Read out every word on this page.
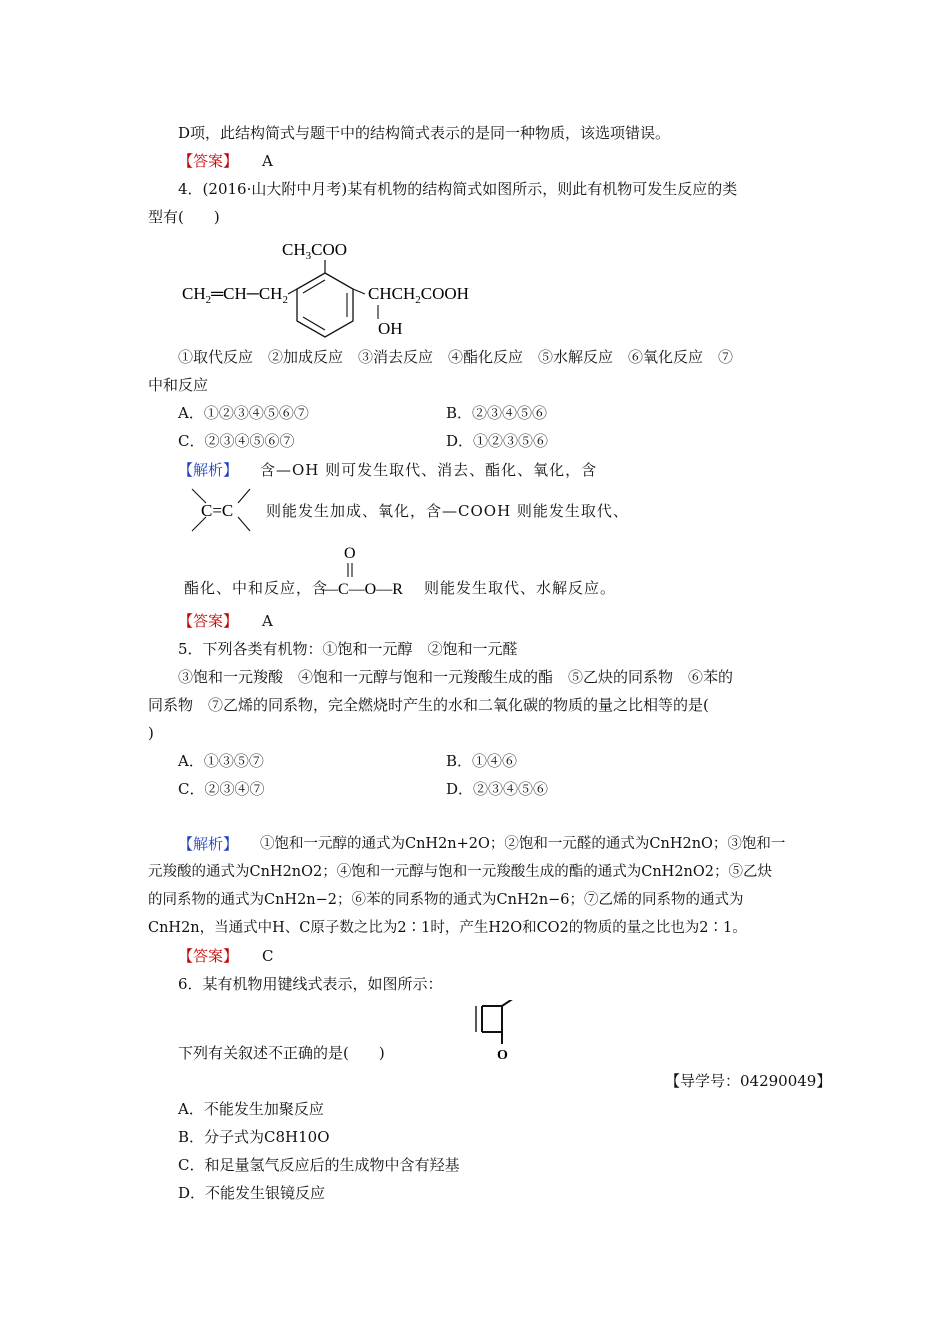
D项，此结构简式与题干中的结构简式表示的是同一种物质，该选项错误。
【答案】 A
4．(2016·山大附中月考)某有机物的结构简式如图所示，则此有机物可发生反应的类
型有(　　)
$CH_3COO$
$CH_2═CH─CH_2$	$CHCH_2COOH$
OH
①取代反应　②加成反应　③消去反应　④酯化反应　⑤水解反应　⑥氧化反应　⑦
中和反应
A．①②③④⑤⑥⑦	B．②③④⑤⑥
C．②③④⑤⑥⑦	D．①②③⑤⑥
【解析】 含—OH 则可发生取代、消去、酯化、氧化，含
C=C 则能发生加成、氧化，含—COOH 则能发生取代、
酯化、中和反应，含
O
—C—O—R 则能发生取代、水解反应。
【答案】 A
5．下列各类有机物：①饱和一元醇　②饱和一元醛
③饱和一元羧酸　④饱和一元醇与饱和一元羧酸生成的酯　⑤乙炔的同系物　⑥苯的
同系物　⑦乙烯的同系物，完全燃烧时产生的水和二氧化碳的物质的量之比相等的是(
)
A．①③⑤⑦	B．①④⑥
C．②③④⑦	D．②③④⑤⑥
【解析】 ①饱和一元醇的通式为CnH2n+2O；②饱和一元醛的通式为CnH2nO；③饱和一
元羧酸的通式为CnH2nO2；④饱和一元醇与饱和一元羧酸生成的酯的通式为CnH2nO2；⑤乙炔
的同系物的通式为CnH2n−2；⑥苯的同系物的通式为CnH2n−6；⑦乙烯的同系物的通式为
CnH2n，当通式中H、C原子数之比为2∶1时，产生H2O和CO2的物质的量之比也为2∶1。
【答案】 C
6．某有机物用键线式表示，如图所示：
O
下列有关叙述不正确的是(　　)
【导学号：04290049】
A．不能发生加聚反应
B．分子式为C8H10O
C．和足量氢气反应后的生成物中含有羟基
D．不能发生银镜反应
